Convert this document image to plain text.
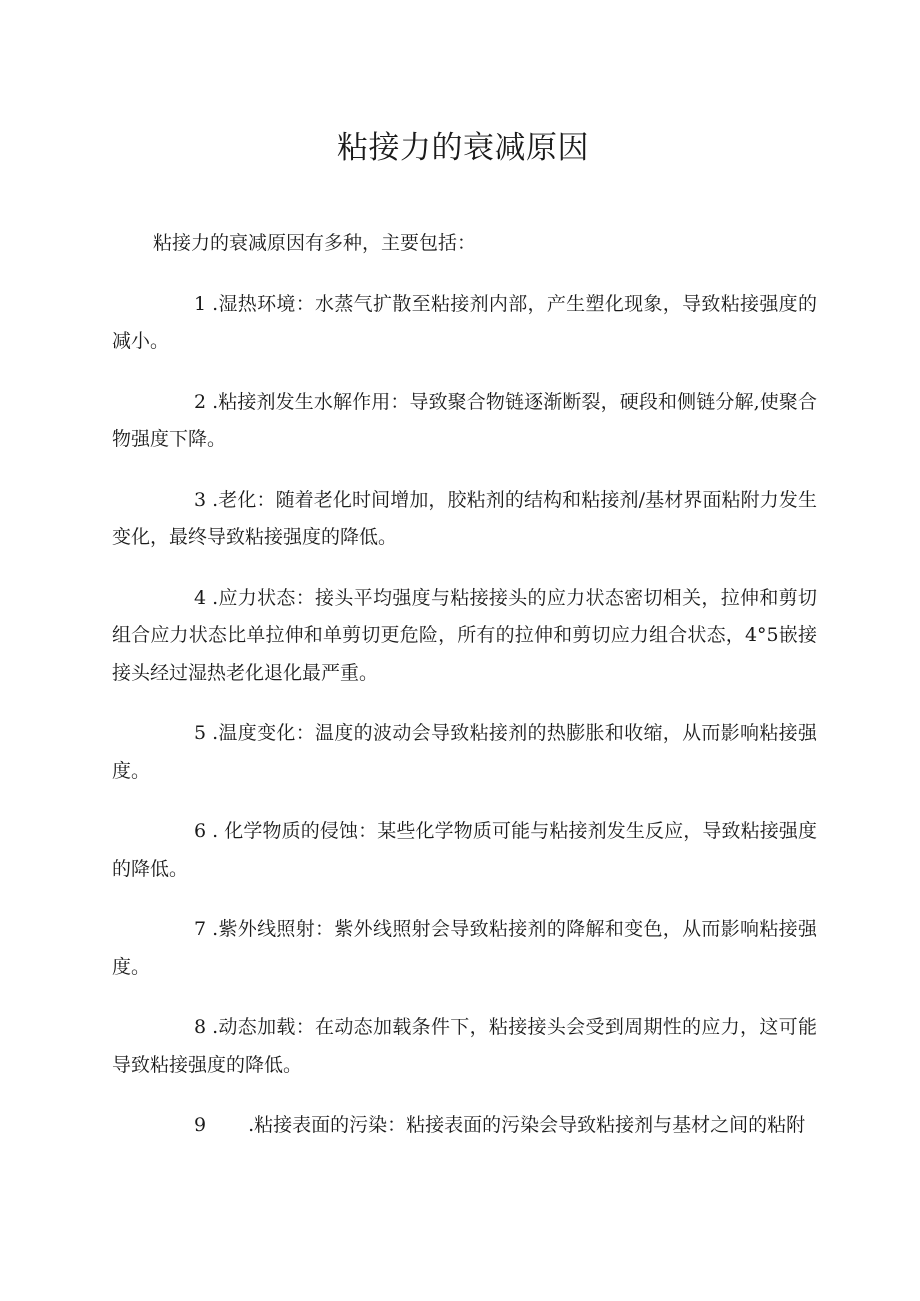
粘接力的衰减原因

粘接力的衰减原因有多种，主要包括：

1 .湿热环境：水蒸气扩散至粘接剂内部，产生塑化现象，导致粘接强度的减小。

2 .粘接剂发生水解作用：导致聚合物链逐渐断裂，硬段和侧链分解,使聚合物强度下降。

3 .老化：随着老化时间增加，胶粘剂的结构和粘接剂/基材界面粘附力发生变化，最终导致粘接强度的降低。

4 .应力状态：接头平均强度与粘接接头的应力状态密切相关，拉伸和剪切组合应力状态比单拉伸和单剪切更危险，所有的拉伸和剪切应力组合状态，4°5嵌接接头经过湿热老化退化最严重。

5 .温度变化：温度的波动会导致粘接剂的热膨胀和收缩，从而影响粘接强度。

6 . 化学物质的侵蚀：某些化学物质可能与粘接剂发生反应，导致粘接强度的降低。

7 .紫外线照射：紫外线照射会导致粘接剂的降解和变色，从而影响粘接强度。

8 .动态加载：在动态加载条件下，粘接接头会受到周期性的应力，这可能导致粘接强度的降低。

9 .粘接表面的污染：粘接表面的污染会导致粘接剂与基材之间的粘附
